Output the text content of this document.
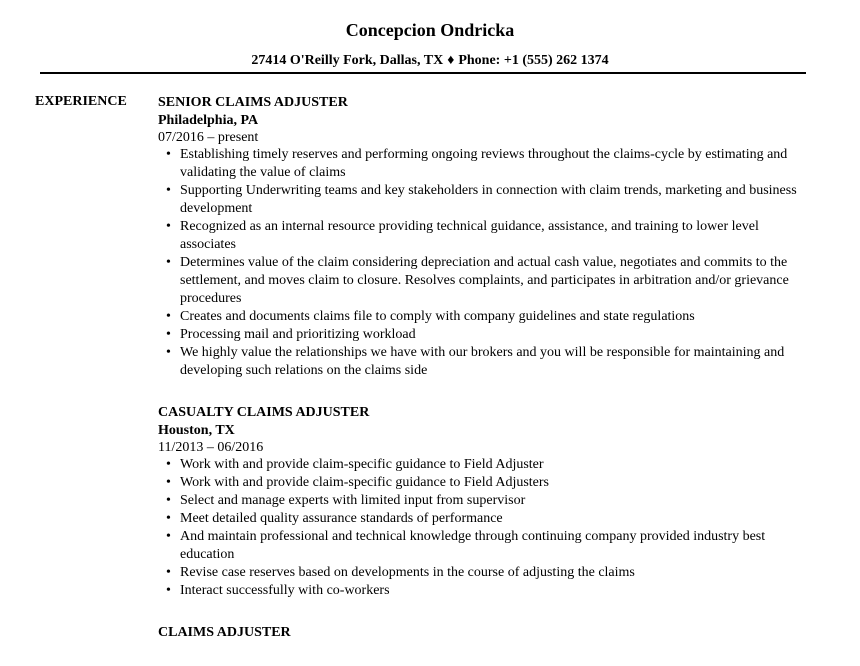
Concepcion Ondricka
27414 O'Reilly Fork, Dallas, TX ♦ Phone: +1 (555) 262 1374
EXPERIENCE SENIOR CLAIMS ADJUSTER
Philadelphia, PA
07/2016 – present
• Establishing timely reserves and performing ongoing reviews throughout the claims-cycle by estimating and validating the value of claims
• Supporting Underwriting teams and key stakeholders in connection with claim trends, marketing and business development
• Recognized as an internal resource providing technical guidance, assistance, and training to lower level associates
• Determines value of the claim considering depreciation and actual cash value, negotiates and commits to the settlement, and moves claim to closure. Resolves complaints, and participates in arbitration and/or grievance procedures
• Creates and documents claims file to comply with company guidelines and state regulations
• Processing mail and prioritizing workload
• We highly value the relationships we have with our brokers and you will be responsible for maintaining and developing such relations on the claims side
CASUALTY CLAIMS ADJUSTER
Houston, TX
11/2013 – 06/2016
• Work with and provide claim-specific guidance to Field Adjuster
• Work with and provide claim-specific guidance to Field Adjusters
• Select and manage experts with limited input from supervisor
• Meet detailed quality assurance standards of performance
• And maintain professional and technical knowledge through continuing company provided industry best education
• Revise case reserves based on developments in the course of adjusting the claims
• Interact successfully with co-workers
CLAIMS ADJUSTER
